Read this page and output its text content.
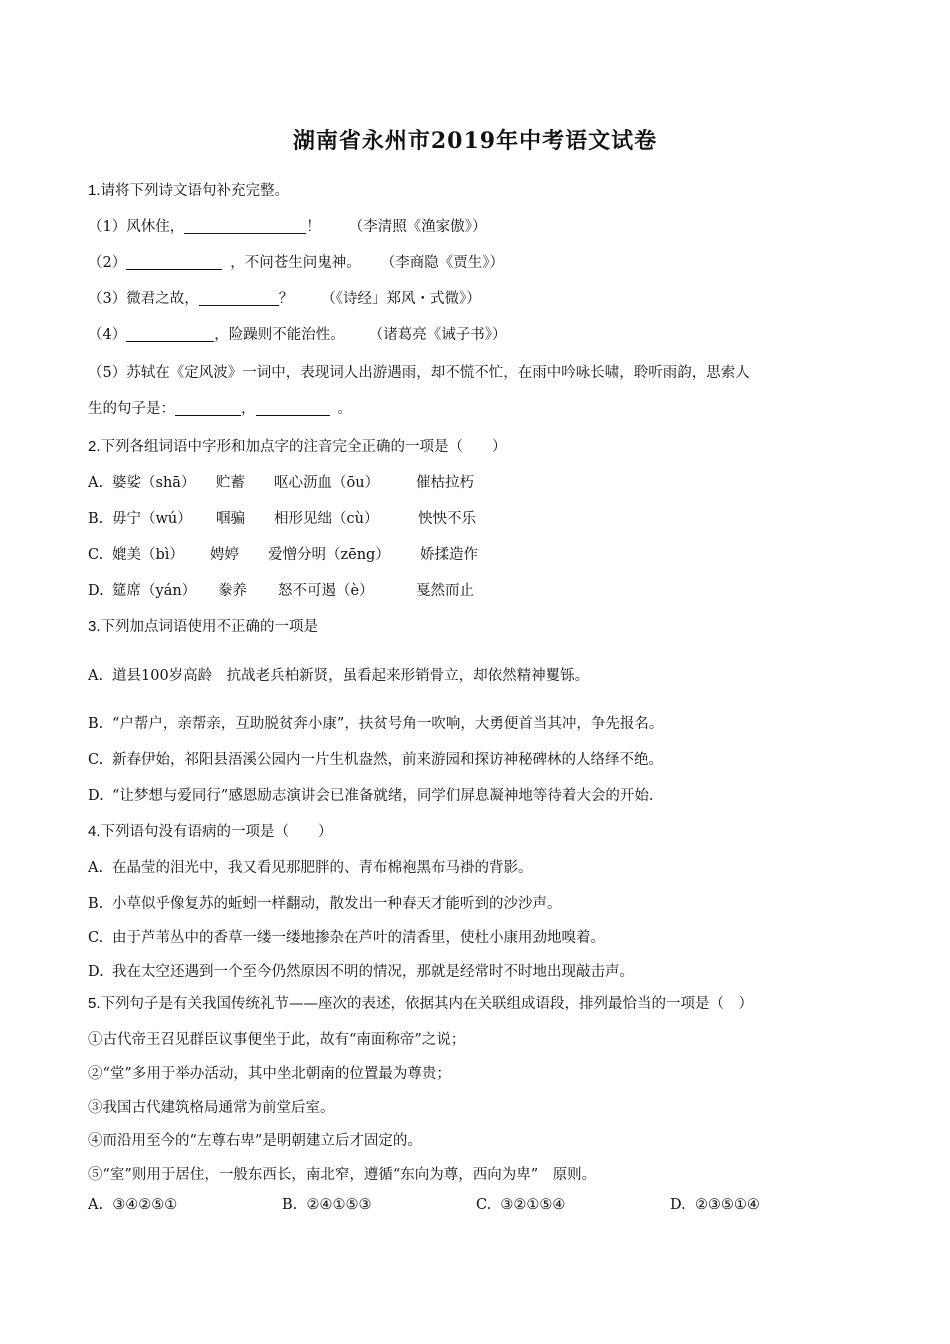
湖南省永州市2019年中考语文试卷
1.请将下列诗文语句补充完整。
（1）风休住，	！ （李清照《渔家傲》）
（2）	，不问苍生问鬼神。 （李商隐《贾生》）
（3）微君之故，	？ （《诗经」郑风・式微》）
（4）	，险躁则不能治性。 （诸葛亮《诫子书》）
（5）苏轼在《定风波》一词中，表现词人出游遇雨，却不慌不忙，在雨中吟咏长啸，聆听雨韵，思索人
生的句子是：	，	。
2.下列各组词语中字形和加点字的注音完全正确的一项是（　　）
A. 婆娑（shā） 贮蓄 呕心沥血（ōu）	催枯拉朽
B. 毋宁（wú） 啯骗 相形见绌（cù）	怏怏不乐
C. 媲美（bì） 娉婷 爱憎分明（zēng） 娇揉造作
D. 筵席（yán） 豢养 怒不可遏（è）	戛然而止
3.下列加点词语使用不正确的一项是
A. 道县100岁高龄　抗战老兵柏新贤，虽看起来形销骨立，却依然精神矍铄。
B. “户帮户，亲帮亲，互助脱贫奔小康”，扶贫号角一吹响，大勇便首当其冲，争先报名。
C. 新春伊始，祁阳县浯溪公园内一片生机盎然，前来游园和探访神秘碑林的人络绎不绝。
D. “让梦想与爱同行”感恩励志演讲会已准备就绪，同学们屏息凝神地等待着大会的开始.
4.下列语句没有语病的一项是（　　）
A. 在晶莹的泪光中，我又看见那肥胖的、青布棉袍黑布马褂的背影。
B. 小草似乎像复苏的蚯蚓一样翻动，散发出一种春天才能听到的沙沙声。
C. 由于芦苇丛中的香草一缕一缕地掺杂在芦叶的清香里，使杜小康用劲地嗅着。
D. 我在太空还遇到一个至今仍然原因不明的情况，那就是经常时不时地出现敲击声。
5.下列句子是有关我国传统礼节——座次的表述，依据其内在关联组成语段，排列最恰当的一项是（　）
①古代帝王召见群臣议事便坐于此，故有“南面称帝”之说；
②“堂”多用于举办活动，其中坐北朝南的位置最为尊贵；
③我国古代建筑格局通常为前堂后室。
④而沿用至今的“左尊右卑”是明朝建立后才固定的。
⑤“室”则用于居住，一般东西长，南北窄，遵循“东向为尊，西向为卑”　原则。
A. ③④②⑤①	B. ②④①⑤③	C. ③②①⑤④	D. ②③⑤①④
